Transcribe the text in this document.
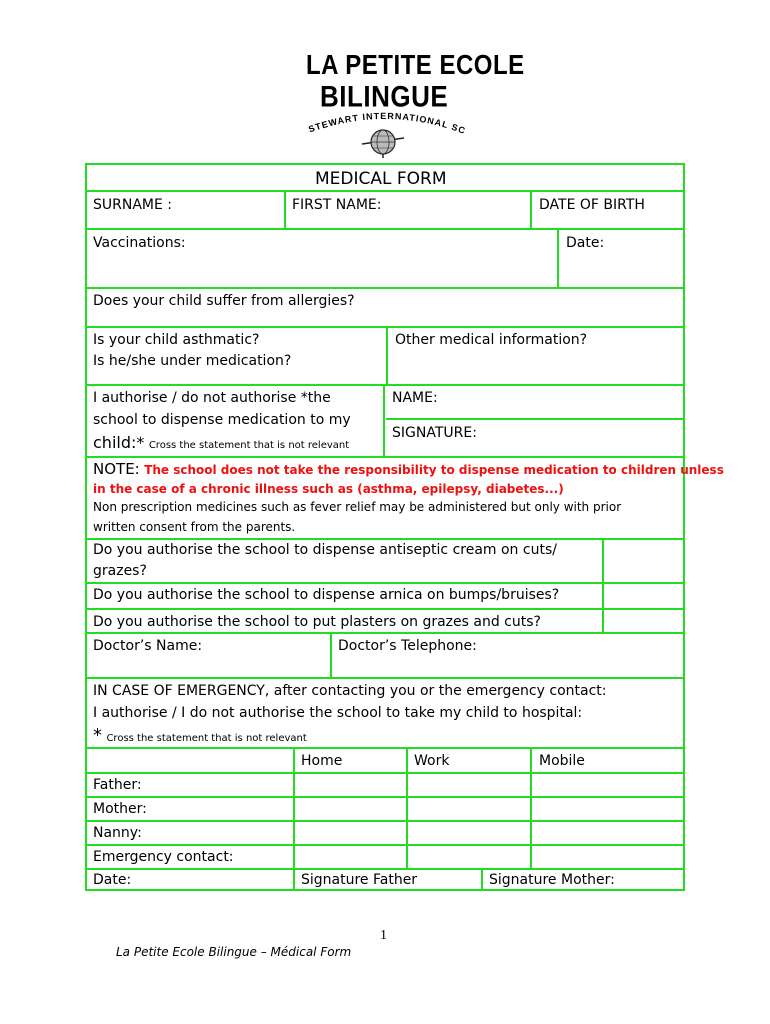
LA PETITE ECOLE
BILINGUE
STEWART INTERNATIONAL SC
MEDICAL FORM
SURNAME :	FIRST NAME:	DATE OF BIRTH
Vaccinations:	Date:
Does your child suffer from allergies?
Is your child asthmatic?
Is he/she under medication?
Other medical information?
I authorise / do not authorise *the
school to dispense medication to my
child:* Cross the statement that is not relevant
NAME:
SIGNATURE:
NOTE: The school does not take the responsibility to dispense medication to children unless
in the case of a chronic illness such as (asthma, epilepsy, diabetes...)
Non prescription medicines such as fever relief may be administered but only with prior
written consent from the parents.
Do you authorise the school to dispense antiseptic cream on cuts/
grazes?
Do you authorise the school to dispense arnica on bumps/bruises?
Do you authorise the school to put plasters on grazes and cuts?
Doctor’s Name:	Doctor’s Telephone:
IN CASE OF EMERGENCY, after contacting you or the emergency contact:
I authorise / I do not authorise the school to take my child to hospital:
* Cross the statement that is not relevant
Home	Work	Mobile
Father:
Mother:
Nanny:
Emergency contact:
Date:	Signature Father	Signature Mother:
1
La Petite Ecole Bilingue – Médical Form
